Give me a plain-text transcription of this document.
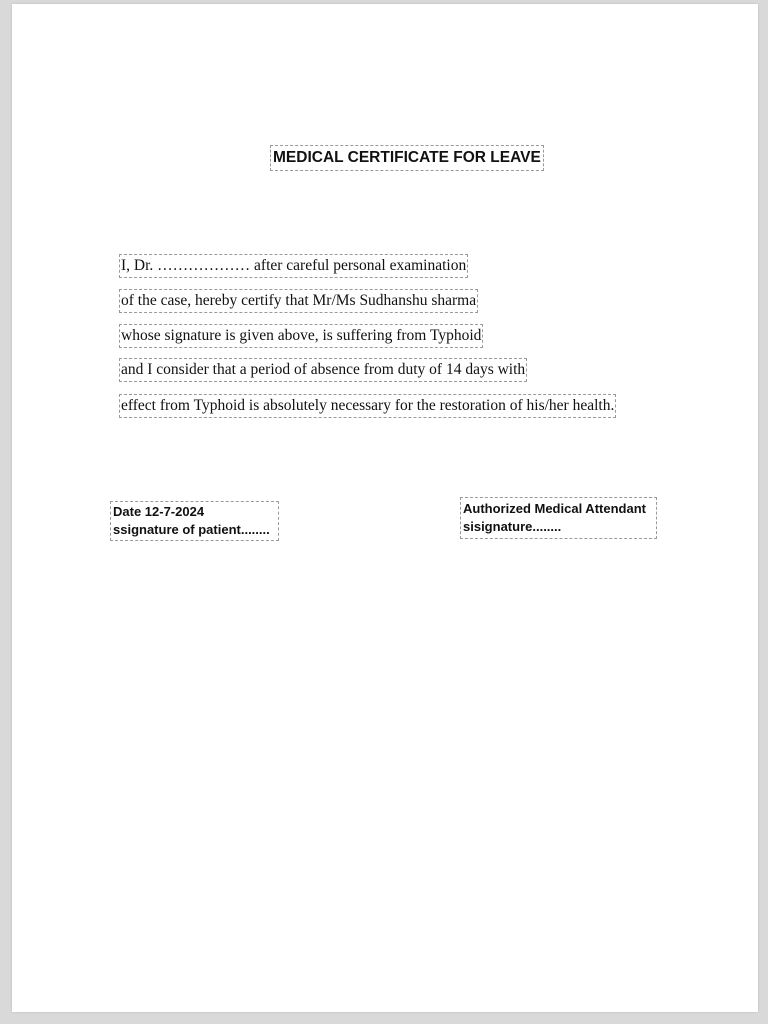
MEDICAL CERTIFICATE FOR LEAVE
I, Dr. ……………… after careful personal examination
of the case, hereby certify that Mr/Ms Sudhanshu sharma
whose signature is given above, is suffering from Typhoid
and I consider that a period of absence from duty of 14 days with
effect from Typhoid is absolutely necessary for the restoration of his/her health.
Date 12-7-2024
ssignature of patient........
Authorized Medical Attendant
sisignature........
